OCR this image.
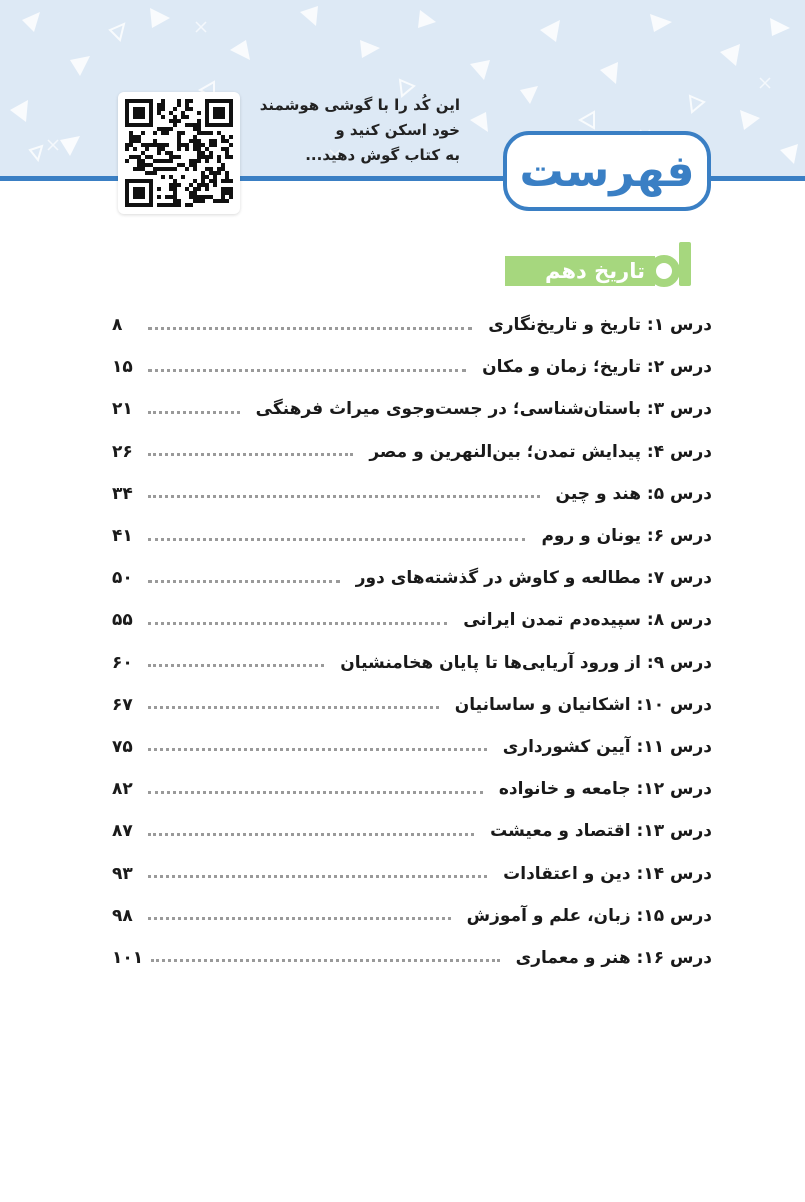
این کُد را با گوشی هوشمند
خود اسکن کنید و
به کتاب گوش دهید... فهرست
تاریخ دهم
درس ۱: تاریخ و تاریخ‌نگاری
۸
درس ۲: تاریخ؛ زمان و مکان
۱۵
درس ۳: باستان‌شناسی؛ در جست‌وجوی میراث فرهنگی
۲۱
درس ۴: پیدایش تمدن؛ بین‌النهرین و مصر
۲۶
درس ۵: هند و چین
۳۴
درس ۶: یونان و روم
۴۱
درس ۷: مطالعه و کاوش در گذشته‌های دور
۵۰
درس ۸: سپیده‌دم تمدن ایرانی
۵۵
درس ۹: از ورود آریایی‌ها تا پایان هخامنشیان
۶۰
درس ۱۰: اشکانیان و ساسانیان
۶۷
درس ۱۱: آیین کشورداری
۷۵
درس ۱۲: جامعه و خانواده
۸۲
درس ۱۳: اقتصاد و معیشت
۸۷
درس ۱۴: دین و اعتقادات
۹۳
درس ۱۵: زبان، علم و آموزش
۹۸
درس ۱۶: هنر و معماری
۱۰۱
